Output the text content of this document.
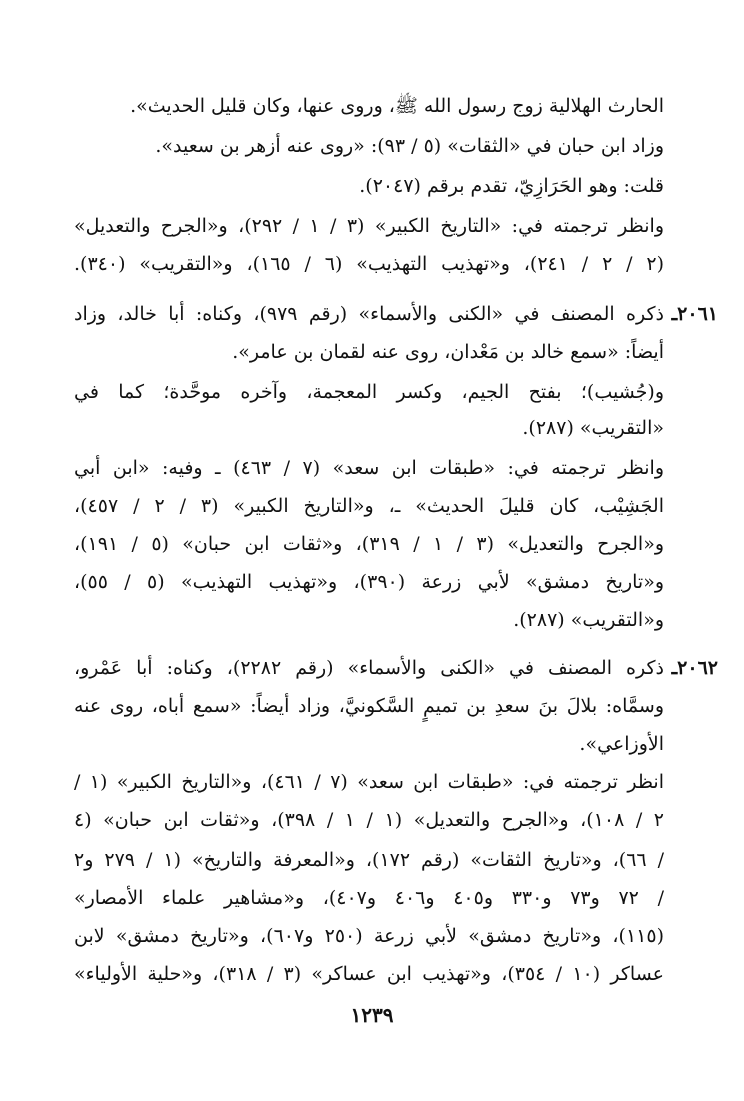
الحارث الهلالية زوج رسول الله ﷺ، وروى عنها، وكان قليل الحديث».
وزاد ابن حبان في «الثقات» (٥ / ٩٣): «روى عنه أزهر بن سعيد».
قلت: وهو الحَرَازِيّ، تقدم برقم (٢٠٤٧).
وانظر ترجمته في: «التاريخ الكبير» (٣ / ١ / ٢٩٢)، و«الجرح والتعديل»
(٢ / ٢ / ٢٤١)، و«تهذيب التهذيب» (٦ / ١٦٥)، و«التقريب» (٣٤٠).
٢٠٦١ـ
ذكره المصنف في «الكنى والأسماء» (رقم ٩٧٩)، وكناه: أبا خالد، وزاد
أيضاً: «سمع خالد بن مَعْدان، روى عنه لقمان بن عامر».
و(جُشيب)؛ بفتح الجيم، وكسر المعجمة، وآخره موحَّدة؛ كما في
«التقريب» (٢٨٧).
وانظر ترجمته في: «طبقات ابن سعد» (٧ / ٤٦٣) ـ وفيه: «ابن أبي
الجَشِيْب، كان قليلَ الحديث» ـ، و«التاريخ الكبير» (٣ / ٢ / ٤٥٧)،
و«الجرح والتعديل» (٣ / ١ / ٣١٩)، و«ثقات ابن حبان» (٥ / ١٩١)،
و«تاريخ دمشق» لأبي زرعة (٣٩٠)، و«تهذيب التهذيب» (٥ / ٥٥)،
و«التقريب» (٢٨٧).
٢٠٦٢ـ
ذكره المصنف في «الكنى والأسماء» (رقم ٢٢٨٢)، وكناه: أبا عَمْرو،
وسمَّاه: بلالَ بنَ سعدِ بن تميمٍ السَّكونيَّ، وزاد أيضاً: «سمع أباه، روى عنه
الأوزاعي».
انظر ترجمته في: «طبقات ابن سعد» (٧ / ٤٦١)، و«التاريخ الكبير» (١ /
٢ / ١٠٨)، و«الجرح والتعديل» (١ / ١ / ٣٩٨)، و«ثقات ابن حبان» (٤
/ ٦٦)، و«تاريخ الثقات» (رقم ١٧٢)، و«المعرفة والتاريخ» (١ / ٢٧٩ و٢
/ ٧٢ و٧٣ و٣٣٠ و٤٠٥ و٤٠٦ و٤٠٧)، و«مشاهير علماء الأمصار»
(١١٥)، و«تاريخ دمشق» لأبي زرعة (٢٥٠ و٦٠٧)، و«تاريخ دمشق» لابن
عساكر (١٠ / ٣٥٤)، و«تهذيب ابن عساكر» (٣ / ٣١٨)، و«حلية الأولياء»
١٢٣٩
